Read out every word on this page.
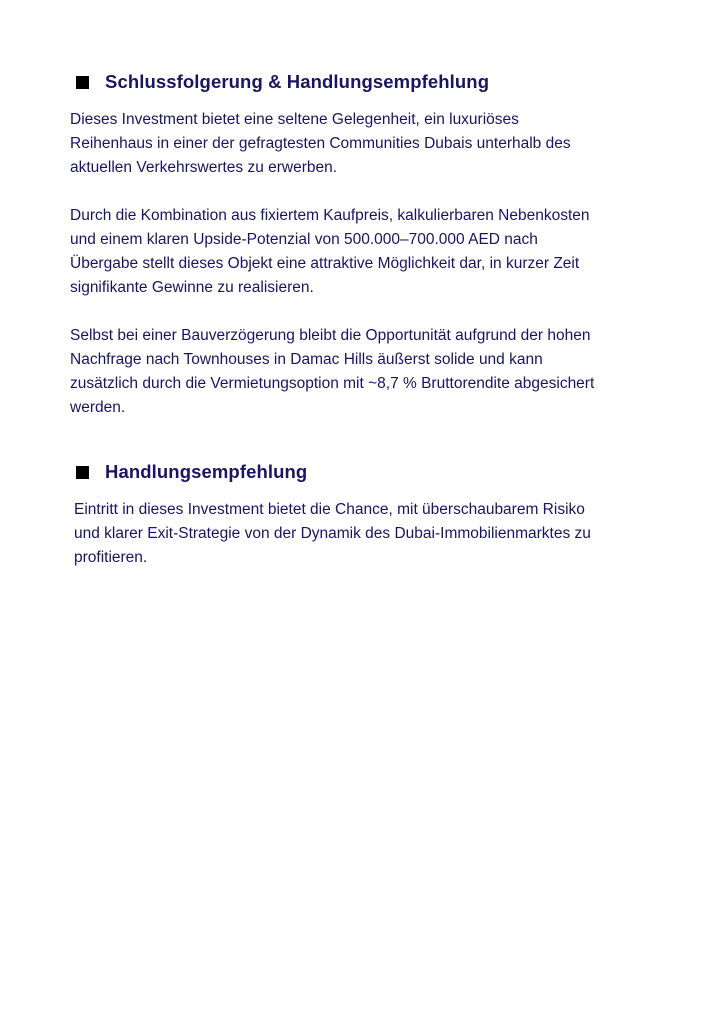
Schlussfolgerung & Handlungsempfehlung

Dieses Investment bietet eine seltene Gelegenheit, ein luxuriöses
Reihenhaus in einer der gefragtesten Communities Dubais unterhalb des
aktuellen Verkehrswertes zu erwerben.

Durch die Kombination aus fixiertem Kaufpreis, kalkulierbaren Nebenkosten
und einem klaren Upside-Potenzial von 500.000–700.000 AED nach
Übergabe stellt dieses Objekt eine attraktive Möglichkeit dar, in kurzer Zeit
signifikante Gewinne zu realisieren.

Selbst bei einer Bauverzögerung bleibt die Opportunität aufgrund der hohen
Nachfrage nach Townhouses in Damac Hills äußerst solide und kann
zusätzlich durch die Vermietungsoption mit ~8,7 % Bruttorendite abgesichert
werden.

Handlungsempfehlung

Eintritt in dieses Investment bietet die Chance, mit überschaubarem Risiko
und klarer Exit-Strategie von der Dynamik des Dubai-Immobilienmarktes zu
profitieren.
